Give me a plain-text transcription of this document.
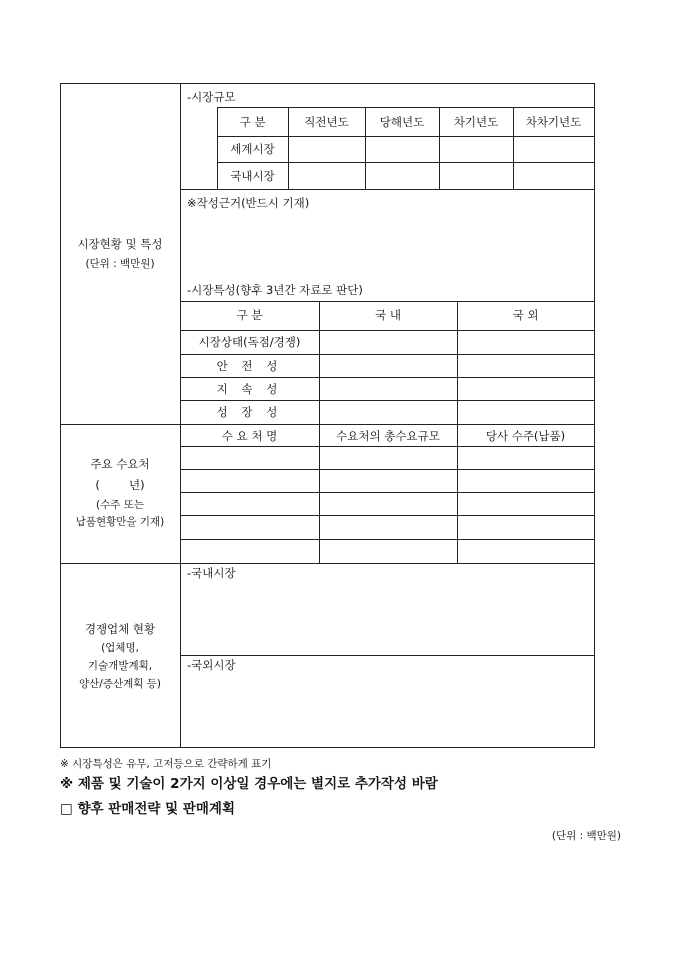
시장현황 및 특성
(단위 : 백만원)
-시장규모
구 분	직전년도	당해년도	차기년도	차차기년도
세계시장
국내시장
※작성근거(반드시 기재)
-시장특성(향후 3년간 자료로 판단)
구 분	국 내	국 외
시장상태(독점/경쟁)
안 전 성
지 속 성
성 장 성
주요 수요처
(        년)
(수주 또는
납품현황만을 기재)
수 요 처 명	수요처의 총수요규모	당사 수주(납품)
경쟁업체 현황
(업체명,
기술개발계획,
양산/증산계획 등)
-국내시장
-국외시장
※ 시장특성은 유무, 고저등으로 간략하게 표기
※ 제품 및 기술이 2가지 이상일 경우에는 별지로 추가작성 바람
□ 향후 판매전략 및 판매계획
(단위 : 백만원)
